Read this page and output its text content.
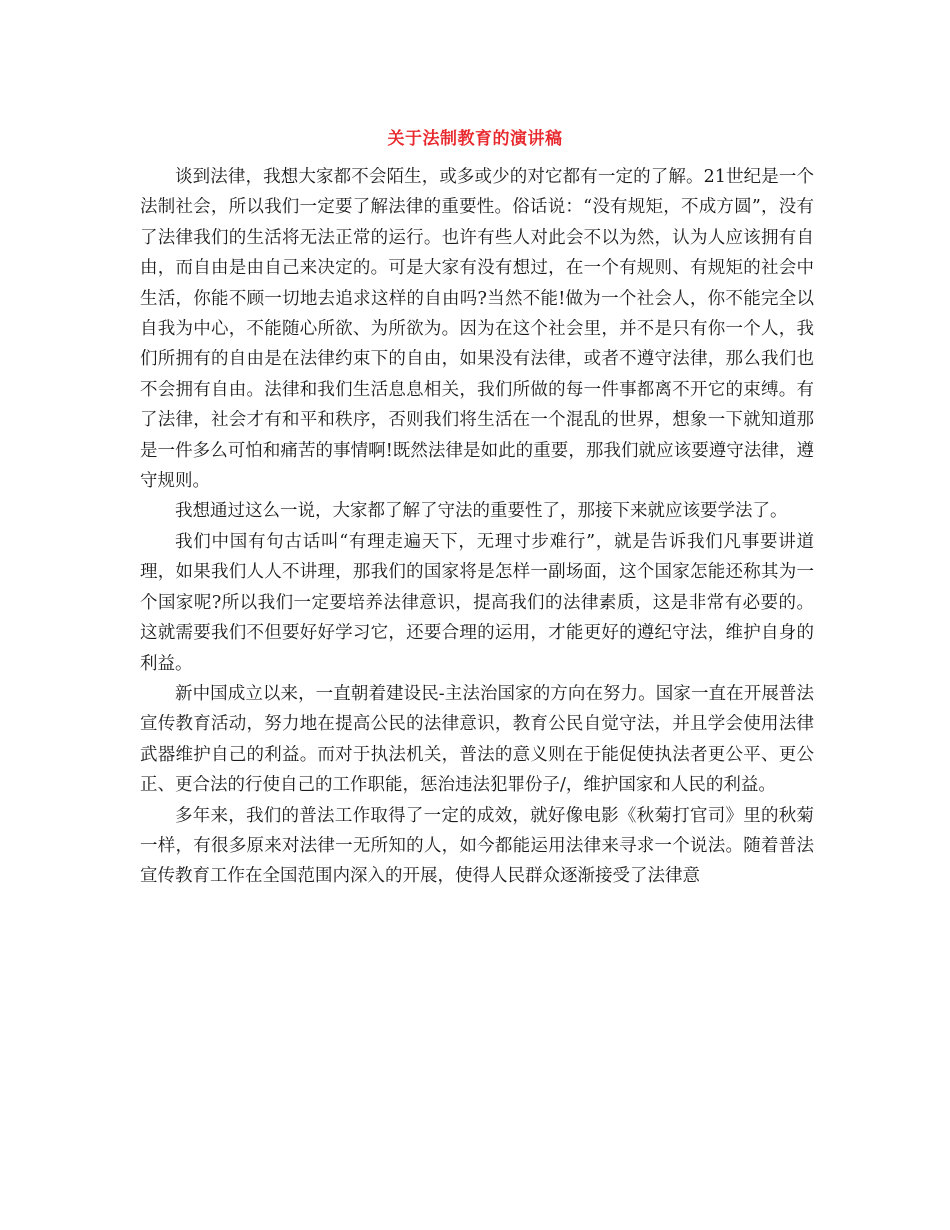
关于法制教育的演讲稿

谈到法律，我想大家都不会陌生，或多或少的对它都有一定的了解。21世纪是一个法制社会，所以我们一定要了解法律的重要性。俗话说：“没有规矩，不成方圆”，没有了法律我们的生活将无法正常的运行。也许有些人对此会不以为然，认为人应该拥有自由，而自由是由自己来决定的。可是大家有没有想过，在一个有规则、有规矩的社会中生活，你能不顾一切地去追求这样的自由吗?当然不能!做为一个社会人，你不能完全以自我为中心，不能随心所欲、为所欲为。因为在这个社会里，并不是只有你一个人，我们所拥有的自由是在法律约束下的自由，如果没有法律，或者不遵守法律，那么我们也不会拥有自由。法律和我们生活息息相关，我们所做的每一件事都离不开它的束缚。有了法律，社会才有和平和秩序，否则我们将生活在一个混乱的世界，想象一下就知道那是一件多么可怕和痛苦的事情啊!既然法律是如此的重要，那我们就应该要遵守法律，遵守规则。

我想通过这么一说，大家都了解了守法的重要性了，那接下来就应该要学法了。

我们中国有句古话叫“有理走遍天下，无理寸步难行”，就是告诉我们凡事要讲道理，如果我们人人不讲理，那我们的国家将是怎样一副场面，这个国家怎能还称其为一个国家呢?所以我们一定要培养法律意识，提高我们的法律素质，这是非常有必要的。这就需要我们不但要好好学习它，还要合理的运用，才能更好的遵纪守法，维护自身的利益。

新中国成立以来，一直朝着建设民-主法治国家的方向在努力。国家一直在开展普法宣传教育活动，努力地在提高公民的法律意识，教育公民自觉守法，并且学会使用法律武器维护自己的利益。而对于执法机关，普法的意义则在于能促使执法者更公平、更公正、更合法的行使自己的工作职能，惩治违法犯罪份子/，维护国家和人民的利益。

多年来，我们的普法工作取得了一定的成效，就好像电影《秋菊打官司》里的秋菊一样，有很多原来对法律一无所知的人，如今都能运用法律来寻求一个说法。随着普法宣传教育工作在全国范围内深入的开展，使得人民群众逐渐接受了法律意
